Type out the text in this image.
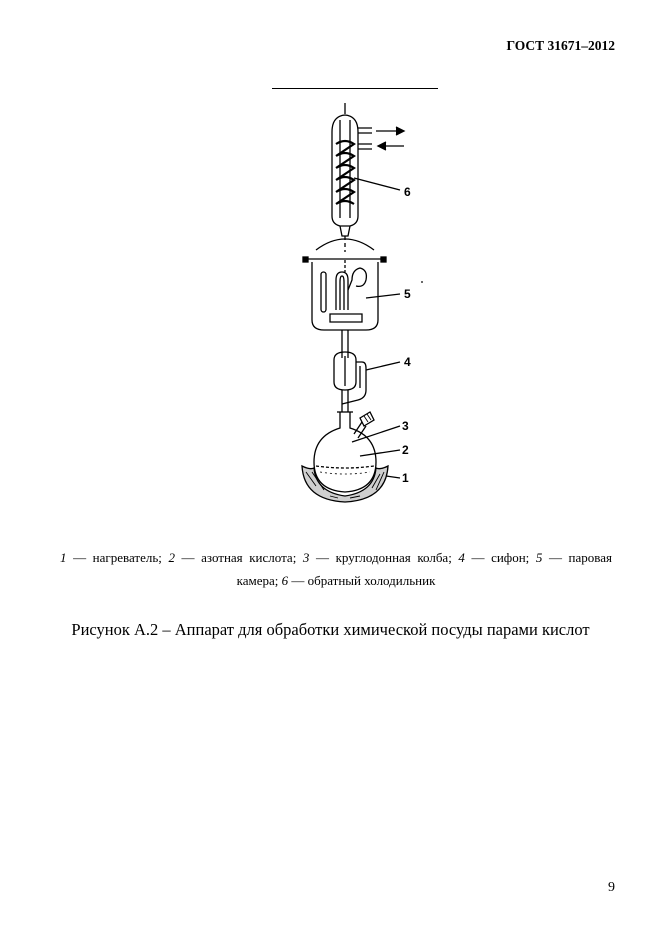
ГОСТ 31671–2012
6
5
4
3
2
1
1 — нагреватель; 2 — азотная кислота; 3 — круглодонная колба; 4 — сифон; 5 — паровая
камера; 6 — обратный холодильник
Рисунок А.2 – Аппарат для обработки химической посуды парами кислот
9
